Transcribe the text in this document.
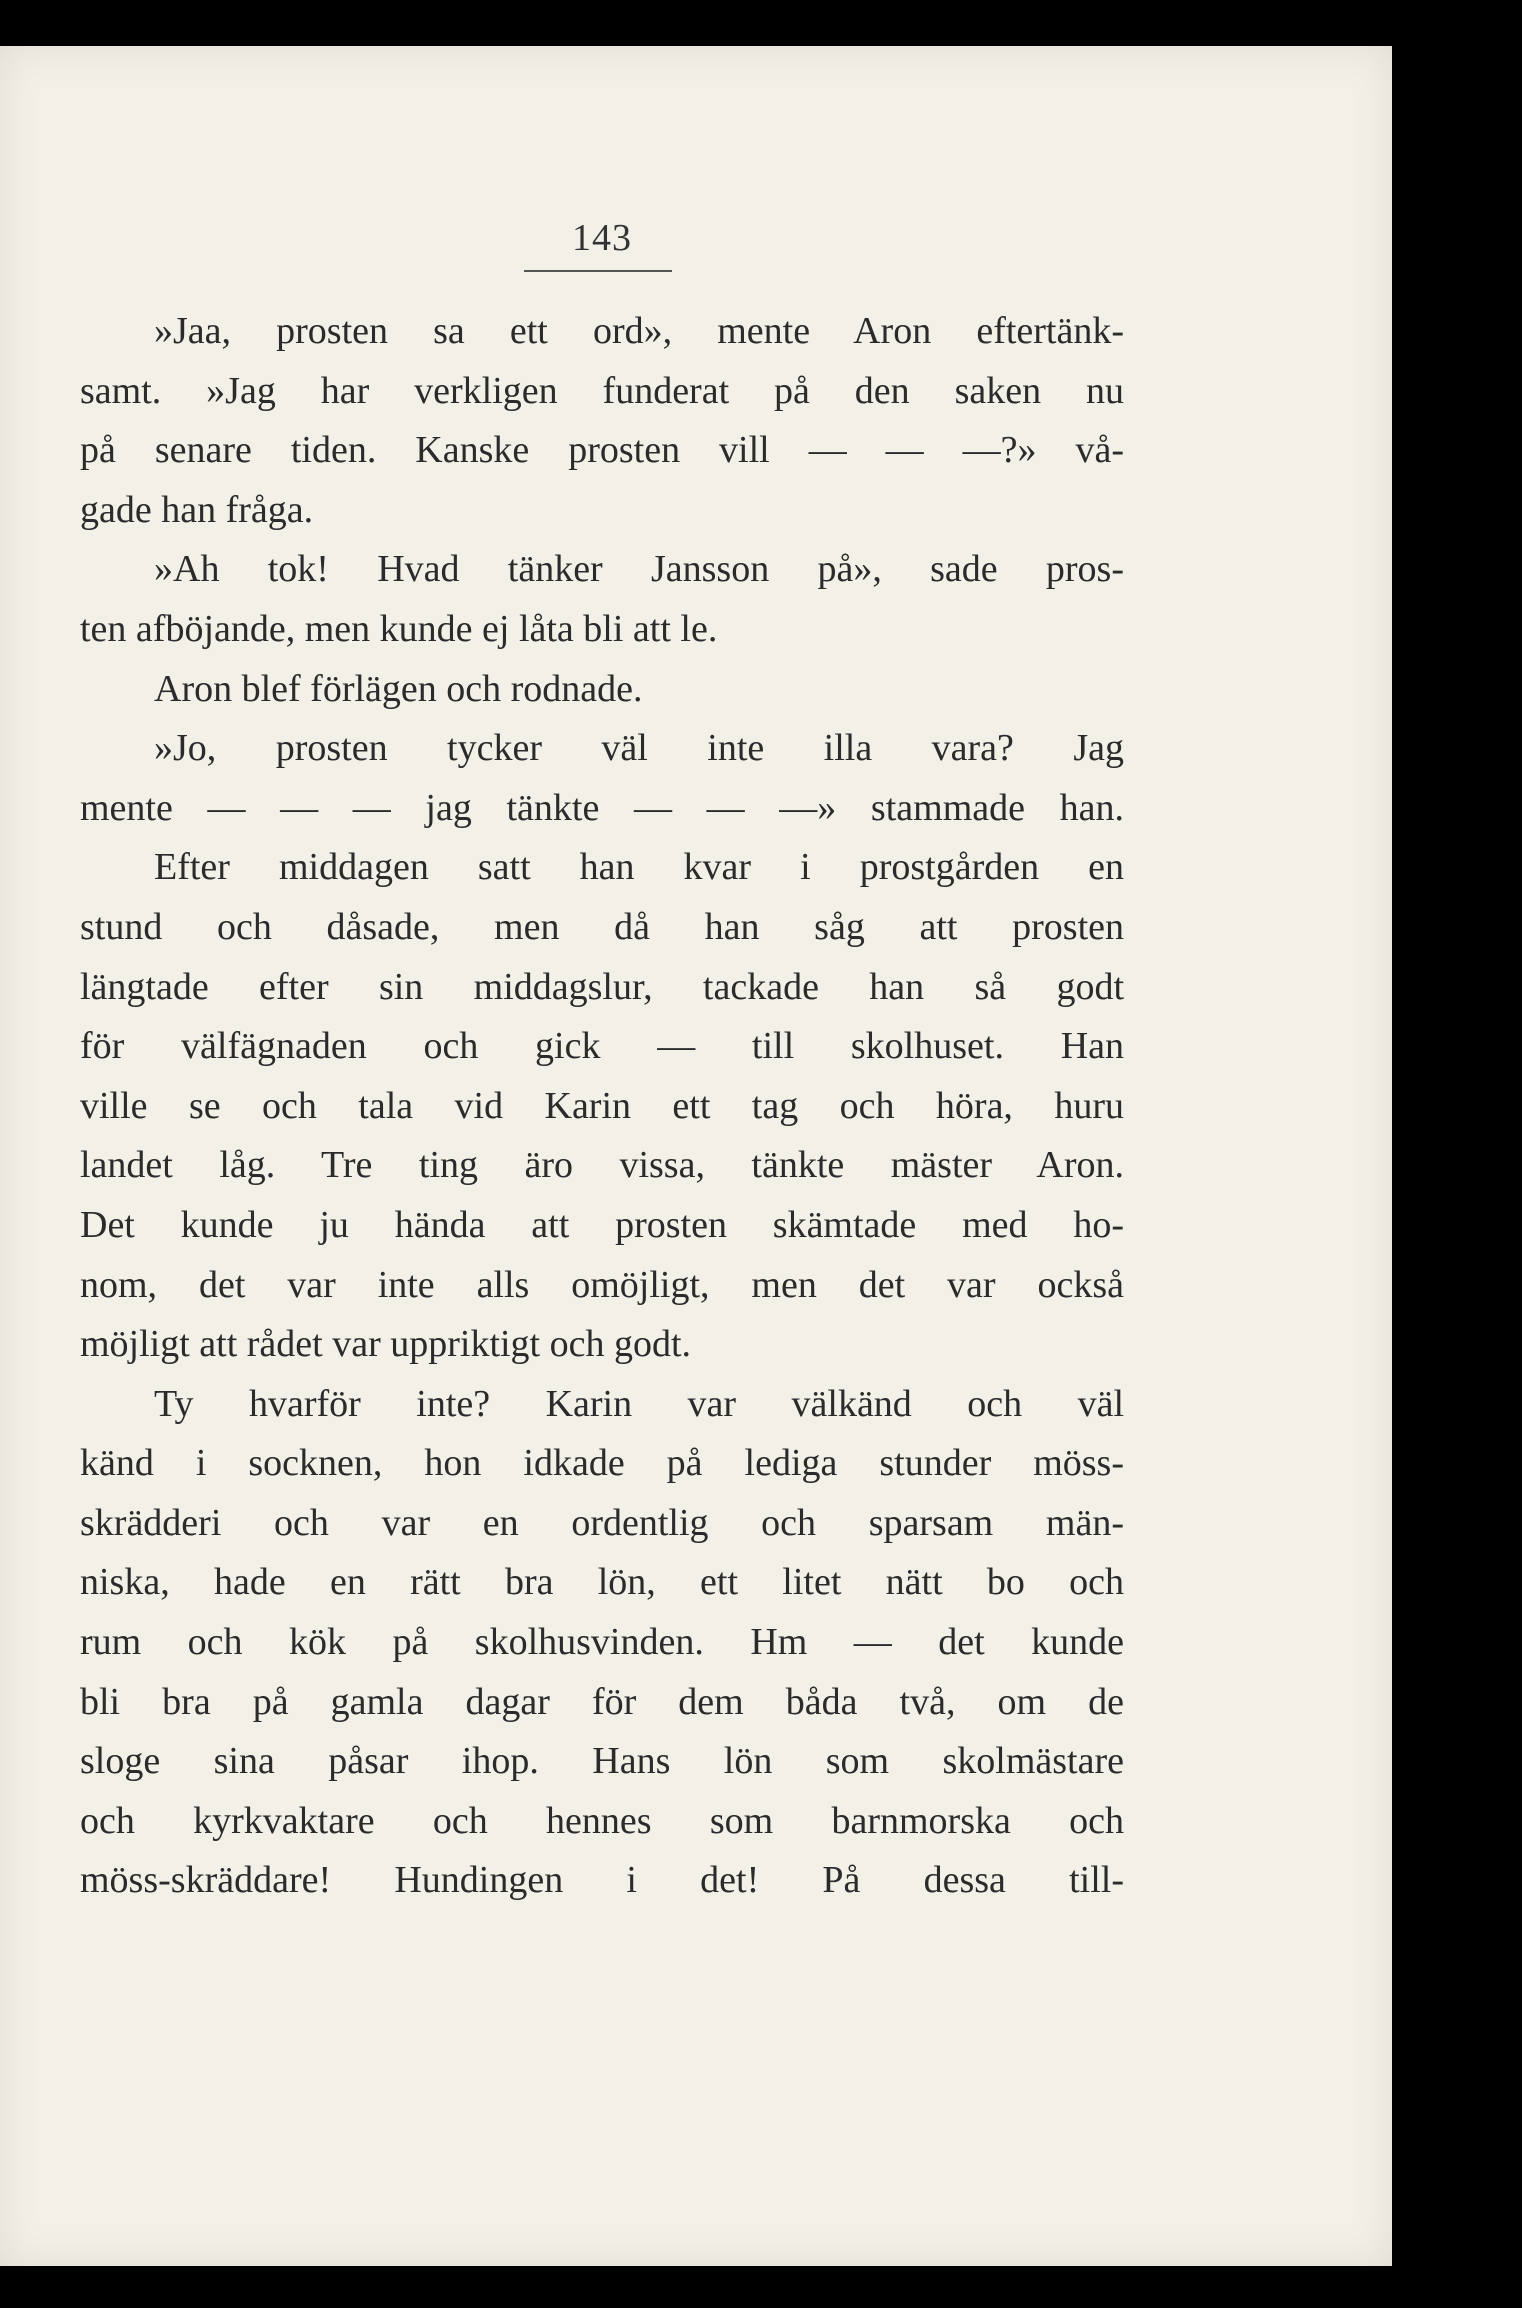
143
»Jaa, prosten sa ett ord», mente Aron eftertänk-
samt. »Jag har verkligen funderat på den saken nu
på senare tiden. Kanske prosten vill — — —?» vå-
gade han fråga.
»Ah tok! Hvad tänker Jansson på», sade pros-
ten afböjande, men kunde ej låta bli att le.
Aron blef förlägen och rodnade.
»Jo, prosten tycker väl inte illa vara? Jag
mente — — — jag tänkte — — —» stammade han.
Efter middagen satt han kvar i prostgården en
stund och dåsade, men då han såg att prosten
längtade efter sin middagslur, tackade han så godt
för välfägnaden och gick — till skolhuset. Han
ville se och tala vid Karin ett tag och höra, huru
landet låg. Tre ting äro vissa, tänkte mäster Aron.
Det kunde ju hända att prosten skämtade med ho-
nom, det var inte alls omöjligt, men det var också
möjligt att rådet var uppriktigt och godt.
Ty hvarför inte? Karin var välkänd och väl
känd i socknen, hon idkade på lediga stunder möss-
skrädderi och var en ordentlig och sparsam män-
niska, hade en rätt bra lön, ett litet nätt bo och
rum och kök på skolhusvinden. Hm — det kunde
bli bra på gamla dagar för dem båda två, om de
sloge sina påsar ihop. Hans lön som skolmästare
och kyrkvaktare och hennes som barnmorska och
möss-skräddare! Hundingen i det! På dessa till-
